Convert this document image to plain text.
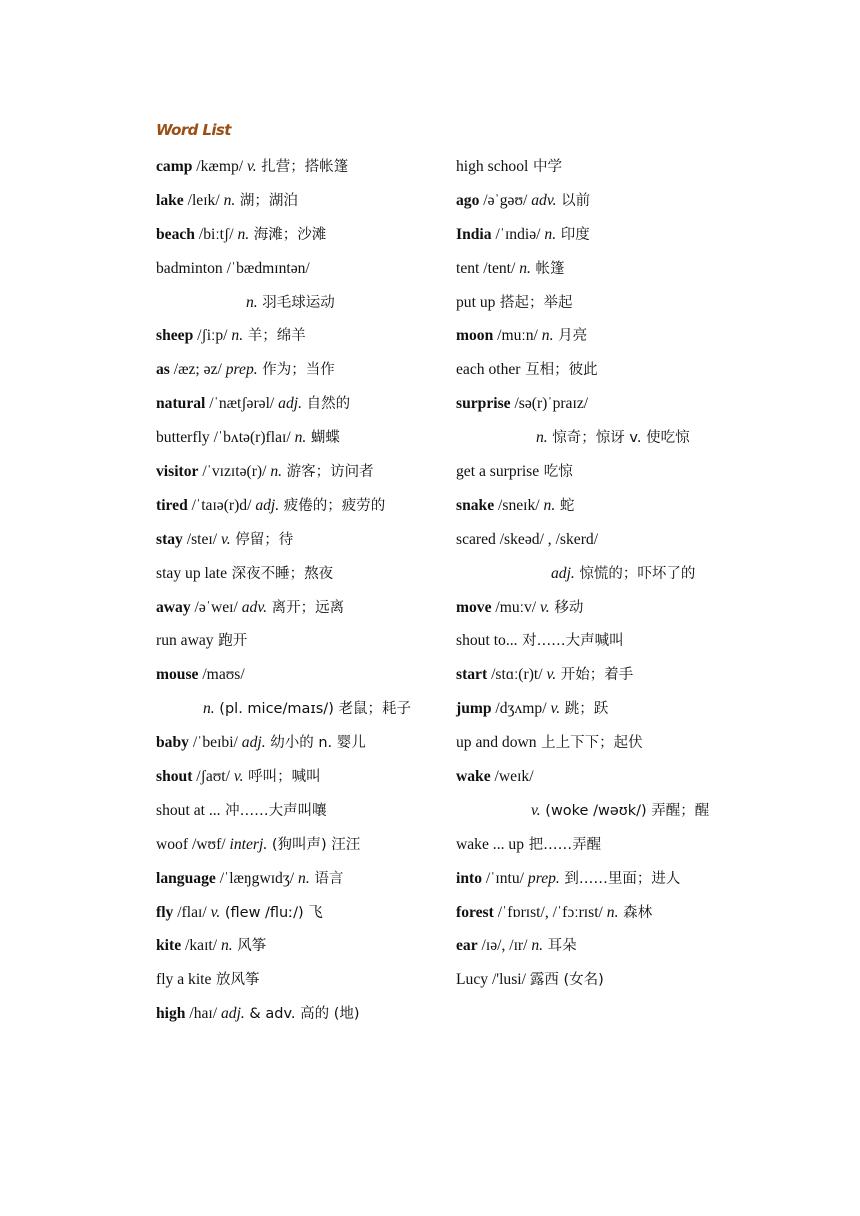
Word List
camp /kæmp/ v. 扎营；搭帐篷
lake /leɪk/ n. 湖；湖泊
beach /biːtʃ/ n. 海滩；沙滩
badminton /ˈbædmɪntən/
n. 羽毛球运动
sheep /ʃiːp/ n. 羊；绵羊
as /æz; əz/ prep. 作为；当作
natural /ˈnætʃərəl/ adj. 自然的
butterfly /ˈbʌtə(r)flaɪ/ n. 蝴蝶
visitor /ˈvɪzɪtə(r)/ n. 游客；访问者
tired /ˈtaɪə(r)d/ adj. 疲倦的；疲劳的
stay /steɪ/ v. 停留；待
stay up late 深夜不睡；熬夜
away /əˈweɪ/ adv. 离开；远离
run away 跑开
mouse /maʊs/
n. (pl. mice/maɪs/) 老鼠；耗子
baby /ˈbeɪbi/ adj. 幼小的 n. 婴儿
shout /ʃaʊt/ v. 呼叫；喊叫
shout at ... 冲……大声叫嚷
woof /wʊf/ interj. (狗叫声) 汪汪
language /ˈlæŋgwɪdʒ/ n. 语言
fly /flaɪ/ v. (flew /fluː/) 飞
kite /kaɪt/ n. 风筝
fly a kite 放风筝
high /haɪ/ adj. & adv. 高的 (地)
high school 中学
ago /əˈgəʊ/ adv. 以前
India /ˈɪndiə/ n. 印度
tent /tent/ n. 帐篷
put up 搭起；举起
moon /muːn/ n. 月亮
each other 互相；彼此
surprise /sə(r)ˈpraɪz/
n. 惊奇；惊讶 v. 使吃惊
get a surprise 吃惊
snake /sneɪk/ n. 蛇
scared /skeəd/ , /skerd/
adj. 惊慌的；吓坏了的
move /muːv/ v. 移动
shout to... 对……大声喊叫
start /stɑː(r)t/ v. 开始；着手
jump /dʒʌmp/ v. 跳；跃
up and down 上上下下；起伏
wake /weɪk/
v. (woke /wəʊk/) 弄醒；醒
wake ... up 把……弄醒
into /ˈɪntu/ prep. 到……里面；进人
forest /ˈfɒrɪst/, /ˈfɔːrɪst/ n. 森林
ear /ɪə/, /ɪr/ n. 耳朵
Lucy /'lusi/ 露西 (女名)
